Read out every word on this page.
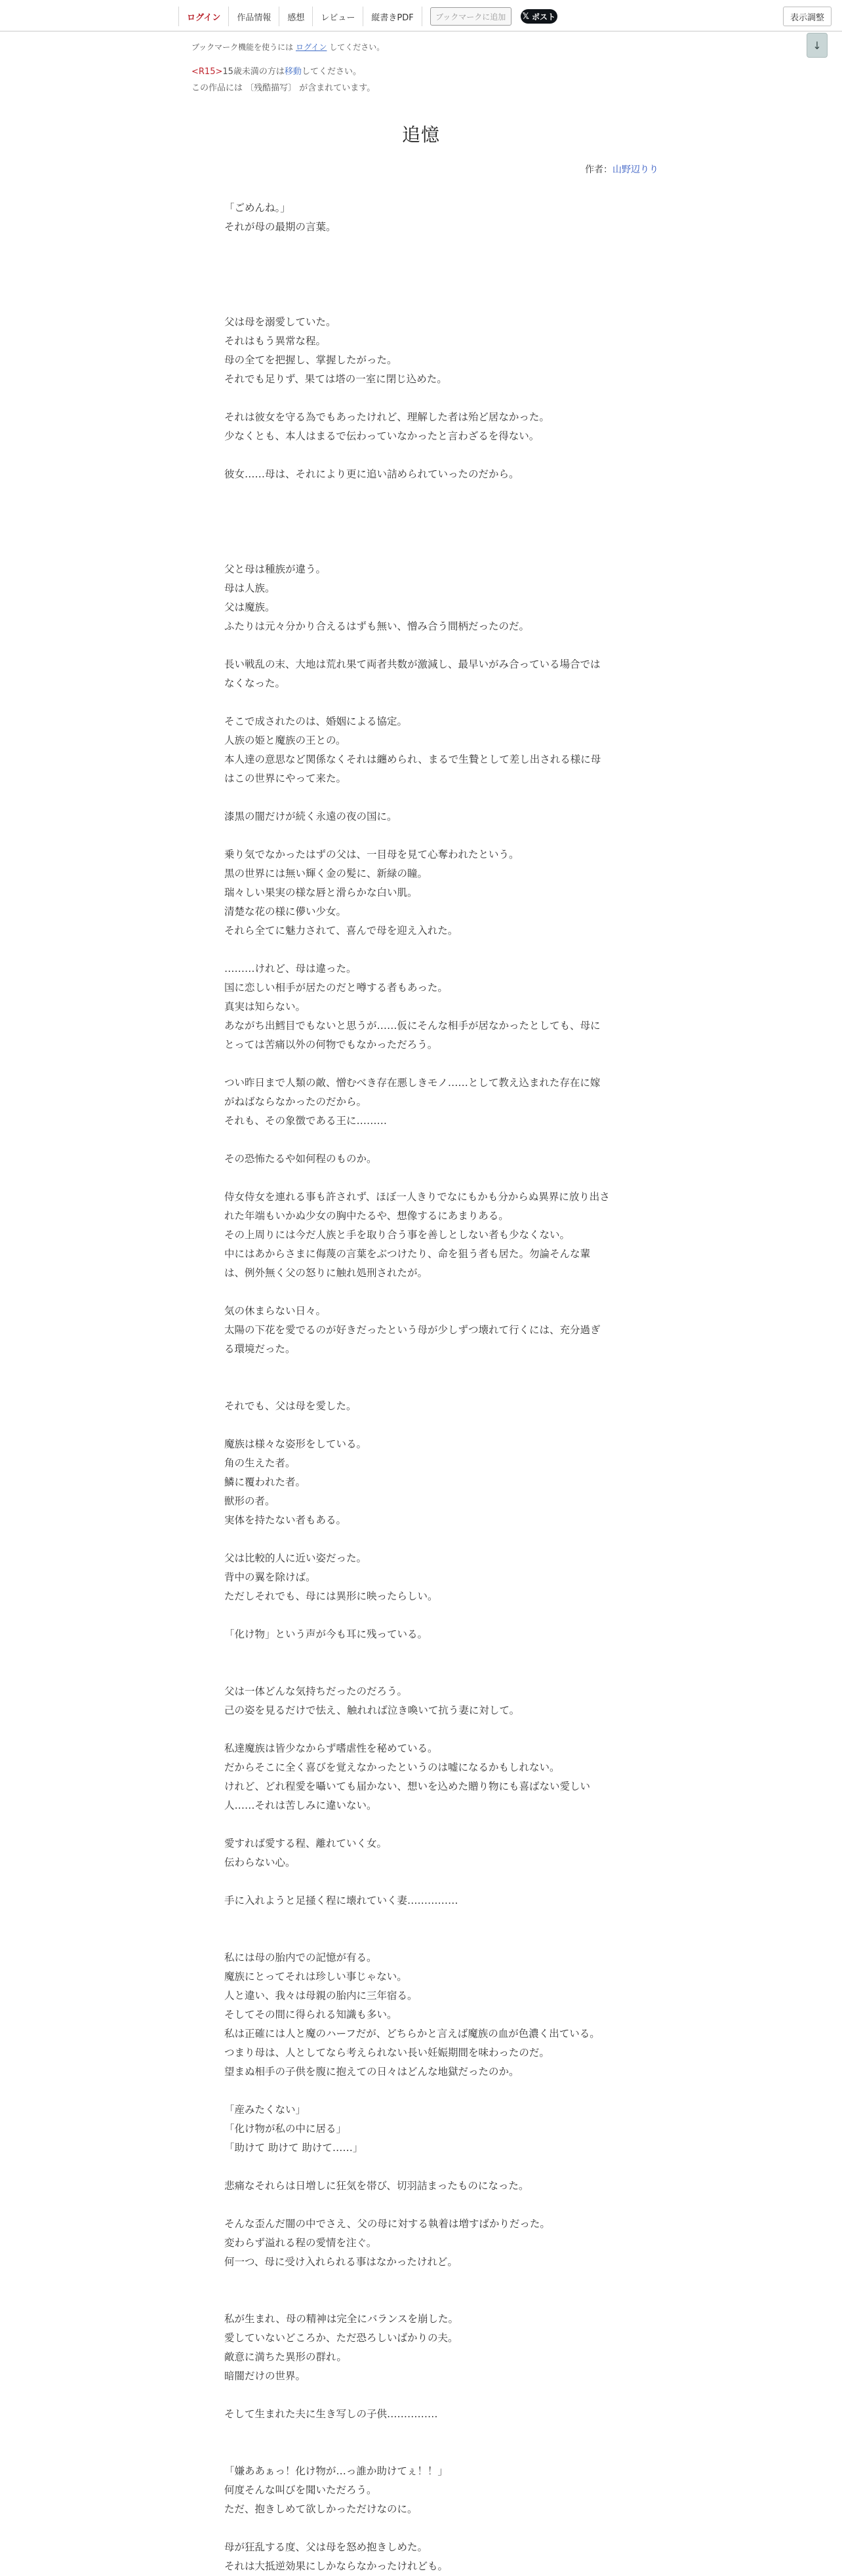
ログイン	作品情報	感想	レビュー	縦書きPDF	ブックマークに追加	𝕏 ポスト	表示調整
↓
ブックマーク機能を使うには ログイン してください。
<R15>15歳未満の方は移動してください。
この作品には 〔残酷描写〕 が含まれています。
追憶
作者：山野辺りり
「ごめんね。」
それが母の最期の言葉。
父は母を溺愛していた。
それはもう異常な程。
母の全てを把握し、掌握したがった。
それでも足りず、果ては塔の一室に閉じ込めた。
それは彼女を守る為でもあったけれど、理解した者は殆ど居なかった。
少なくとも、本人はまるで伝わっていなかったと言わざるを得ない。
彼女……母は、それにより更に追い詰められていったのだから。
父と母は種族が違う。
母は人族。
父は魔族。
ふたりは元々分かり合えるはずも無い、憎み合う間柄だったのだ。
長い戦乱の末、大地は荒れ果て両者共数が激減し、最早いがみ合っている場合では
なくなった。
そこで成されたのは、婚姻による協定。
人族の姫と魔族の王との。
本人達の意思など関係なくそれは纏められ、まるで生贄として差し出される様に母
はこの世界にやって来た。
漆黒の闇だけが続く永遠の夜の国に。
乗り気でなかったはずの父は、一目母を見て心奪われたという。
黒の世界には無い輝く金の髪に、新緑の瞳。
瑞々しい果実の様な唇と滑らかな白い肌。
清楚な花の様に儚い少女。
それら全てに魅力されて、喜んで母を迎え入れた。
………けれど、母は違った。
国に恋しい相手が居たのだと噂する者もあった。
真実は知らない。
あながち出鱈目でもないと思うが……仮にそんな相手が居なかったとしても、母に
とっては苦痛以外の何物でもなかっただろう。
つい昨日まで人類の敵、憎むべき存在悪しきモノ……として教え込まれた存在に嫁
がねばならなかったのだから。
それも、その象徴である王に………
その恐怖たるや如何程のものか。
侍女侍女を連れる事も許されず、ほぼ一人きりでなにもかも分からぬ異界に放り出さ
れた年端もいかぬ少女の胸中たるや、想像するにあまりある。
その上周りには今だ人族と手を取り合う事を善しとしない者も少なくない。
中にはあからさまに侮蔑の言葉をぶつけたり、命を狙う者も居た。勿論そんな輩
は、例外無く父の怒りに触れ処刑されたが。
気の休まらない日々。
太陽の下花を愛でるのが好きだったという母が少しずつ壊れて行くには、充分過ぎ
る環境だった。
それでも、父は母を愛した。
魔族は様々な姿形をしている。
角の生えた者。
鱗に覆われた者。
獣形の者。
実体を持たない者もある。
父は比較的人に近い姿だった。
背中の翼を除けば。
ただしそれでも、母には異形に映ったらしい。
「化け物」という声が今も耳に残っている。
父は一体どんな気持ちだったのだろう。
己の姿を見るだけで怯え、触れれば泣き喚いて抗う妻に対して。
私達魔族は皆少なからず嗜虐性を秘めている。
だからそこに全く喜びを覚えなかったというのは嘘になるかもしれない。
けれど、どれ程愛を囁いても届かない、想いを込めた贈り物にも喜ばない愛しい
人……それは苦しみに違いない。
愛すれば愛する程、離れていく女。
伝わらない心。
手に入れようと足掻く程に壊れていく妻……………
私には母の胎内での記憶が有る。
魔族にとってそれは珍しい事じゃない。
人と違い、我々は母親の胎内に三年宿る。
そしてその間に得られる知識も多い。
私は正確には人と魔のハーフだが、どちらかと言えば魔族の血が色濃く出ている。
つまり母は、人としてなら考えられない長い妊娠期間を味わったのだ。
望まぬ相手の子供を腹に抱えての日々はどんな地獄だったのか。
「産みたくない」
「化け物が私の中に居る」
「助けて 助けて 助けて……」
悲痛なそれらは日増しに狂気を帯び、切羽詰まったものになった。
そんな歪んだ闇の中でさえ、父の母に対する執着は増すばかりだった。
変わらず溢れる程の愛情を注ぐ。
何一つ、母に受け入れられる事はなかったけれど。
私が生まれ、母の精神は完全にバランスを崩した。
愛していないどころか、ただ恐ろしいばかりの夫。
敵意に満ちた異形の群れ。
暗闇だけの世界。
そして生まれた夫に生き写しの子供……………
「嫌ああぁっ！化け物が…っ誰か助けてぇ！！」
何度そんな叫びを聞いただろう。
ただ、抱きしめて欲しかっただけなのに。
母が狂乱する度、父は母を怒め抱きしめた。
それは大抵逆効果にしかならなかったけれども。
